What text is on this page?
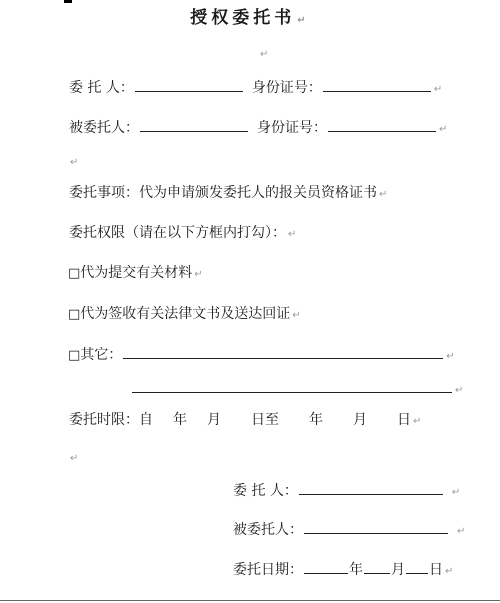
授权委托书 ↵
↵
委 托 人：	身份证号：	↵
被委托人：	身份证号：	↵
↵
委托事项：代为申请颁发委托人的报关员资格证书 ↵
委托权限（请在以下方框内打勾）： ↵
□代为提交有关材料 ↵
□代为签收有关法律文书及送达回证 ↵
□其它：	↵
↵
委托时限：自 年 月 日至 年 月 日 ↵
↵
委 托 人：	↵
被委托人：	↵
委托日期：	年 月 日 ↵
